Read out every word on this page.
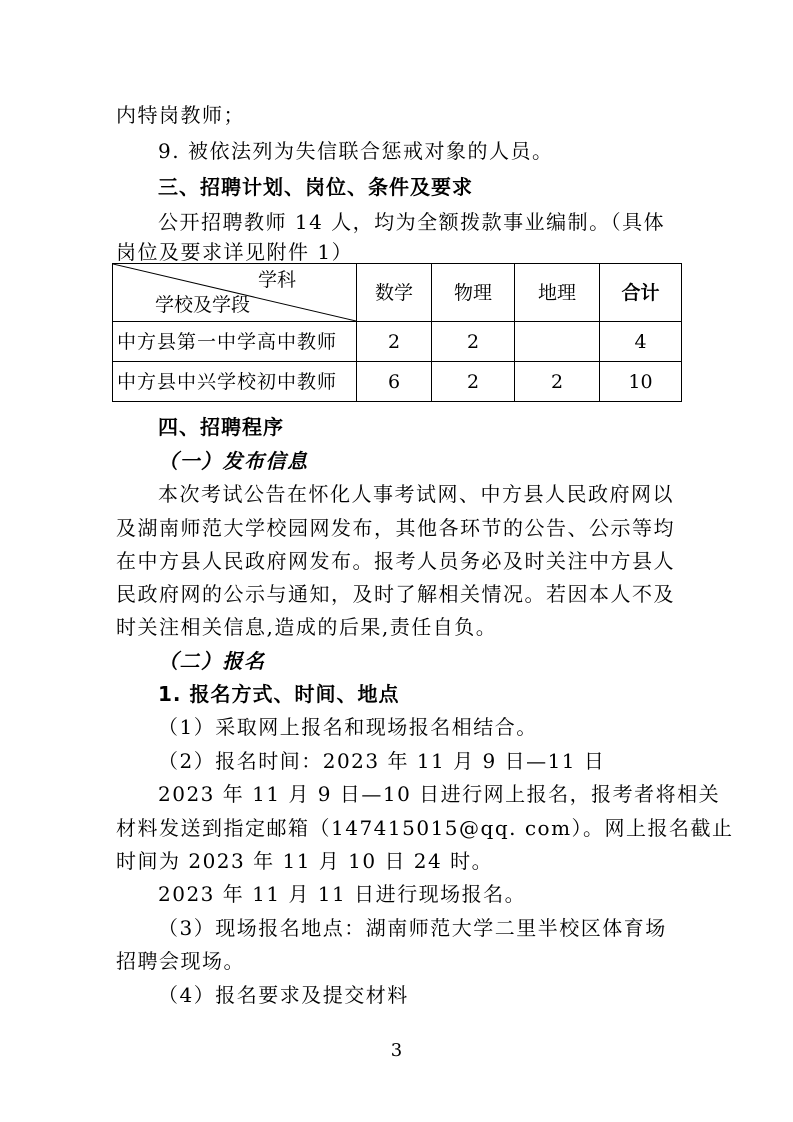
内特岗教师；
9. 被依法列为失信联合惩戒对象的人员。
三、招聘计划、岗位、条件及要求
公开招聘教师 14 人，均为全额拨款事业编制。（具体
岗位及要求详见附件 1）
学科
学校及学段	数学	物理	地理	合计
中方县第一中学高中教师	2	2		4
中方县中兴学校初中教师	6	2	2	10
四、招聘程序
（一）发布信息
本次考试公告在怀化人事考试网、中方县人民政府网以
及湖南师范大学校园网发布，其他各环节的公告、公示等均
在中方县人民政府网发布。报考人员务必及时关注中方县人
民政府网的公示与通知，及时了解相关情况。若因本人不及
时关注相关信息,造成的后果,责任自负。
（二）报名
1. 报名方式、时间、地点
（1）采取网上报名和现场报名相结合。
（2）报名时间：2023 年 11 月 9 日—11 日
2023 年 11 月 9 日—10 日进行网上报名，报考者将相关
材料发送到指定邮箱（147415015@qq. com）。网上报名截止
时间为 2023 年 11 月 10 日 24 时。
2023 年 11 月 11 日进行现场报名。
（3）现场报名地点：湖南师范大学二里半校区体育场
招聘会现场。
（4）报名要求及提交材料
3
